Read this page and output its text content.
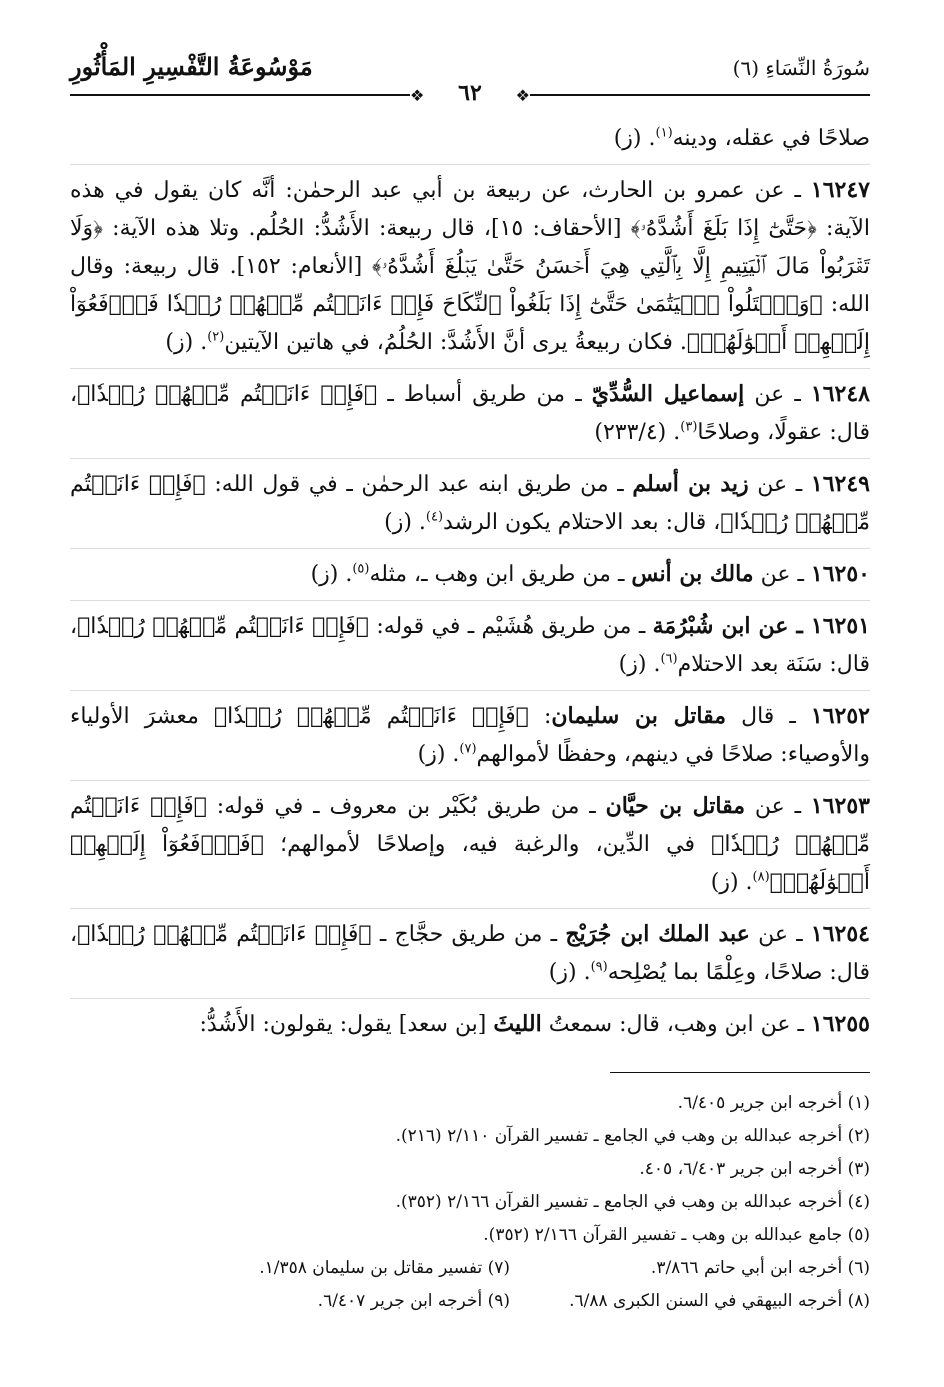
سُورَةُ النِّسَاءِ (٦)
مَوْسُوعَةُ التَّفْسِيرِ المَأْثُورِ
❖	❖
٦٢

صلاحًا في عقله، ودينه$^{(١)}$. (ز)

١٦٢٤٧ ـ عن عمرو بن الحارث، عن ربيعة بن أبي عبد الرحمٰن: أنَّه كان يقول في هذه الآية: ﴿حَتَّىٰٓ إِذَا بَلَغَ أَشُدَّهُۥ﴾ [الأحقاف: ١٥]، قال ربيعة: الأَشُدُّ: الحُلُم. وتلا هذه الآية: ﴿وَلَا تَقۡرَبُواْ مَالَ ٱلۡيَتِيمِ إِلَّا بِٱلَّتِي هِيَ أَحۡسَنُ حَتَّىٰ يَبۡلُغَ أَشُدَّهُۥ﴾ [الأنعام: ١٥٢]. قال ربيعة: وقال الله: ﴿وَٱبۡتَلُواْ ٱلۡيَتَٰمَىٰ حَتَّىٰٓ إِذَا بَلَغُواْ ٱلنِّكَاحَ فَإِنۡ ءَانَسۡتُم مِّنۡهُمۡ رُشۡدٗا فَٱدۡفَعُوٓاْ إِلَيۡهِمۡ أَمۡوَٰلَهُمۡ﴾. فكان ربيعةُ يرى أنَّ الأَشُدَّ: الحُلُمُ، في هاتين الآيتين$^{(٢)}$. (ز)

١٦٢٤٨ ـ عن إسماعيل السُّدِّيّ ـ من طريق أسباط ـ ﴿فَإِنۡ ءَانَسۡتُم مِّنۡهُمۡ رُشۡدٗا﴾، قال: عقولًا، وصلاحًا$^{(٣)}$. (٢٣٣/٤)

١٦٢٤٩ ـ عن زيد بن أسلم ـ من طريق ابنه عبد الرحمٰن ـ في قول الله: ﴿فَإِنۡ ءَانَسۡتُم مِّنۡهُمۡ رُشۡدٗا﴾، قال: بعد الاحتلام يكون الرشد$^{(٤)}$. (ز)

١٦٢٥٠ ـ عن مالك بن أنس ـ من طريق ابن وهب ـ، مثله$^{(٥)}$. (ز)

١٦٢٥١ ـ عن ابن شُبْرُمَة ـ من طريق هُشَيْم ـ في قوله: ﴿فَإِنۡ ءَانَسۡتُم مِّنۡهُمۡ رُشۡدٗا﴾، قال: سَنَة بعد الاحتلام$^{(٦)}$. (ز)

١٦٢٥٢ ـ قال مقاتل بن سليمان: ﴿فَإِنۡ ءَانَسۡتُم مِّنۡهُمۡ رُشۡدٗا﴾ معشرَ الأولياء والأوصياء: صلاحًا في دينهم، وحفظًا لأموالهم$^{(٧)}$. (ز)

١٦٢٥٣ ـ عن مقاتل بن حيَّان ـ من طريق بُكَيْر بن معروف ـ في قوله: ﴿فَإِنۡ ءَانَسۡتُم مِّنۡهُمۡ رُشۡدٗا﴾ في الدِّين، والرغبة فيه، وإصلاحًا لأموالهم؛ ﴿فَٱدۡفَعُوٓاْ إِلَيۡهِمۡ أَمۡوَٰلَهُمۡ﴾$^{(٨)}$. (ز)

١٦٢٥٤ ـ عن عبد الملك ابن جُرَيْج ـ من طريق حجَّاج ـ ﴿فَإِنۡ ءَانَسۡتُم مِّنۡهُمۡ رُشۡدٗا﴾، قال: صلاحًا، وعِلْمًا بما يُصْلِحه$^{(٩)}$. (ز)

١٦٢٥٥ ـ عن ابن وهب، قال: سمعتُ الليثَ [بن سعد] يقول: يقولون: الأَشُدُّ:

(١) أخرجه ابن جرير ٦/٤٠٥.
(٢) أخرجه عبدالله بن وهب في الجامع ـ تفسير القرآن ٢/١١٠ (٢١٦).
(٣) أخرجه ابن جرير ٦/٤٠٣، ٤٠٥.
(٤) أخرجه عبدالله بن وهب في الجامع ـ تفسير القرآن ٢/١٦٦ (٣٥٢).
(٥) جامع عبدالله بن وهب ـ تفسير القرآن ٢/١٦٦ (٣٥٢).
(٦) أخرجه ابن أبي حاتم ٣/٨٦٦.
(٧) تفسير مقاتل بن سليمان ١/٣٥٨.
(٨) أخرجه البيهقي في السنن الكبرى ٦/٨٨.
(٩) أخرجه ابن جرير ٦/٤٠٧.
